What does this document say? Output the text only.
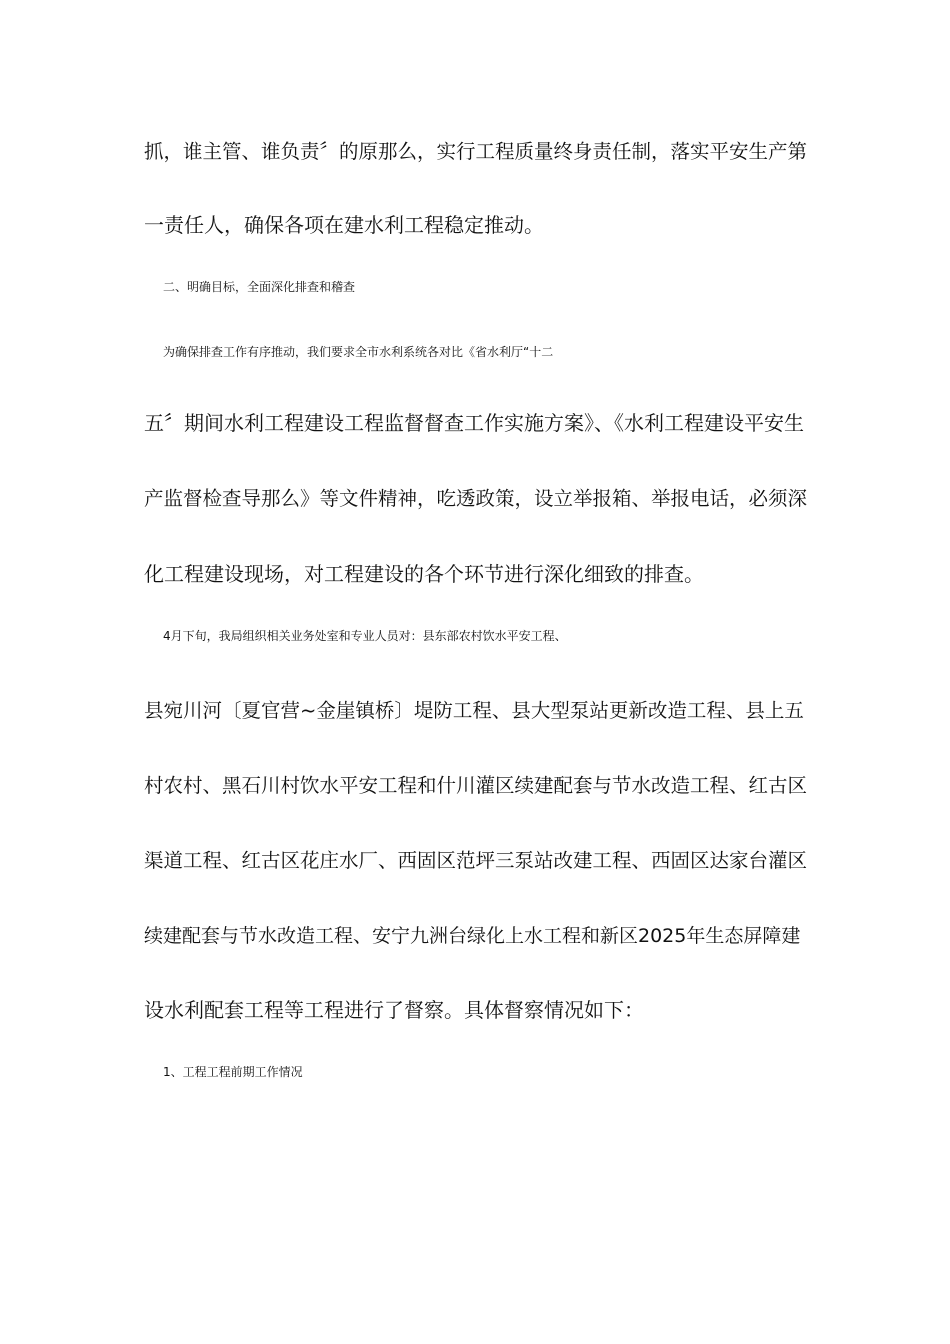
抓，谁主管、谁负责〞的原那么，实行工程质量终身责任制，落实平安生产第
一责任人，确保各项在建水利工程稳定推动。
二、明确目标，全面深化排查和稽查
为确保排查工作有序推动，我们要求全市水利系统各对比《省水利厅“十二
五〞期间水利工程建设工程监督督查工作实施方案》、《水利工程建设平安生
产监督检查导那么》等文件精神，吃透政策，设立举报箱、举报电话，必须深
化工程建设现场，对工程建设的各个环节进行深化细致的排查。
4月下旬，我局组织相关业务处室和专业人员对：县东部农村饮水平安工程、
县宛川河〔夏官营~金崖镇桥〕堤防工程、县大型泵站更新改造工程、县上五
村农村、黑石川村饮水平安工程和什川灌区续建配套与节水改造工程、红古区
渠道工程、红古区花庄水厂、西固区范坪三泵站改建工程、西固区达家台灌区
续建配套与节水改造工程、安宁九洲台绿化上水工程和新区2025年生态屏障建
设水利配套工程等工程进行了督察。具体督察情况如下：
1、工程工程前期工作情况
